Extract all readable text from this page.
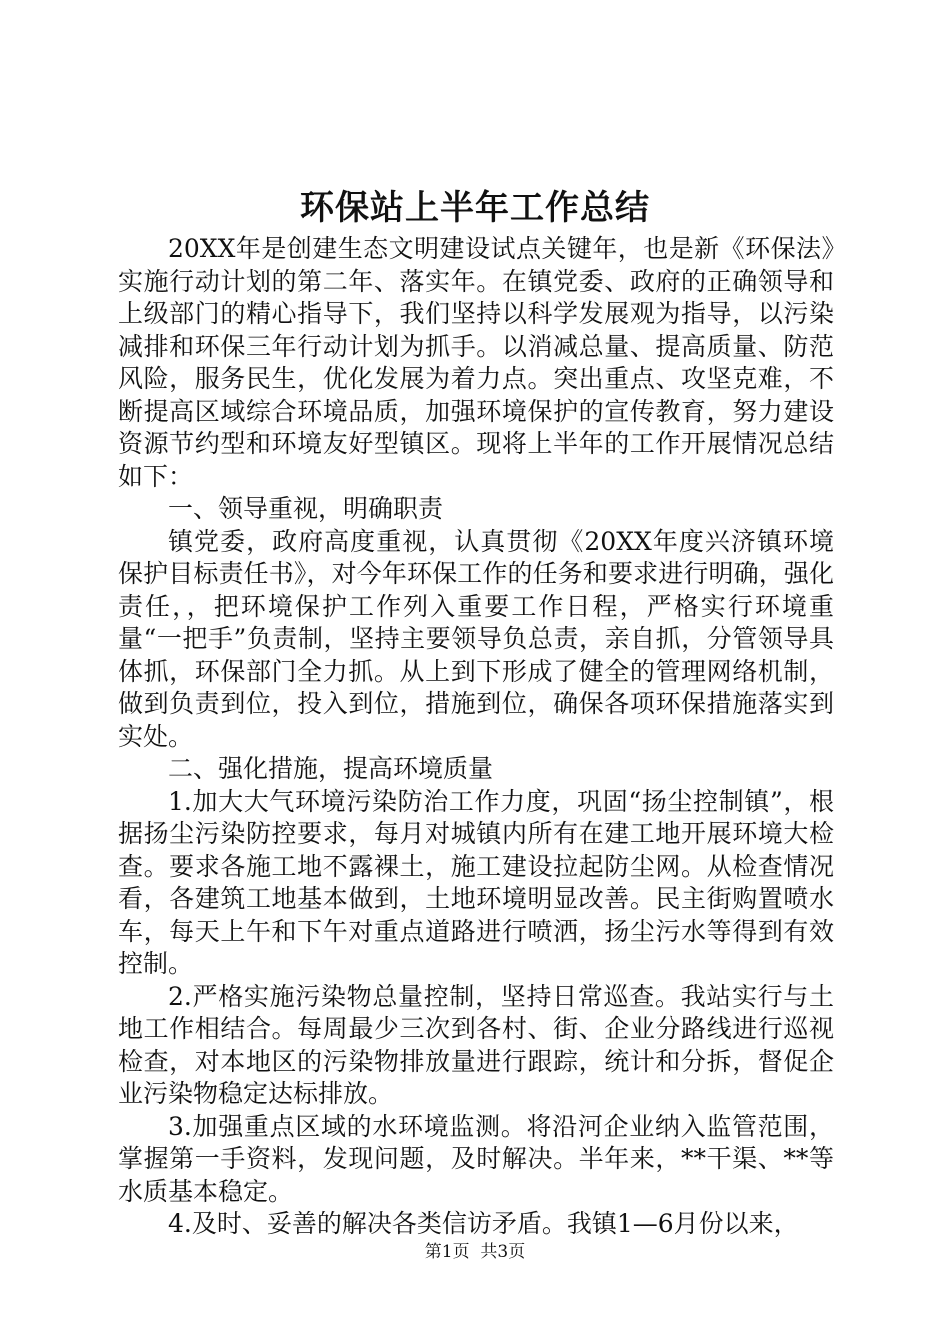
环保站上半年工作总结

20XX年是创建生态文明建设试点关键年，也是新《环保法》实施行动计划的第二年、落实年。在镇党委、政府的正确领导和上级部门的精心指导下，我们坚持以科学发展观为指导，以污染减排和环保三年行动计划为抓手。以消减总量、提高质量、防范风险，服务民生，优化发展为着力点。突出重点、攻坚克难，不断提高区域综合环境品质，加强环境保护的宣传教育，努力建设资源节约型和环境友好型镇区。现将上半年的工作开展情况总结如下：

一、领导重视，明确职责

镇党委，政府高度重视，认真贯彻《20XX年度兴济镇环境保护目标责任书》，对今年环保工作的任务和要求进行明确，强化责任，，把环境保护工作列入重要工作日程，严格实行环境重量“一把手”负责制，坚持主要领导负总责，亲自抓，分管领导具体抓，环保部门全力抓。从上到下形成了健全的管理网络机制，做到负责到位，投入到位，措施到位，确保各项环保措施落实到实处。

二、强化措施，提高环境质量

1.加大大气环境污染防治工作力度，巩固“扬尘控制镇”，根据扬尘污染防控要求，每月对城镇内所有在建工地开展环境大检查。要求各施工地不露裸土，施工建设拉起防尘网。从检查情况看，各建筑工地基本做到，土地环境明显改善。民主街购置喷水车，每天上午和下午对重点道路进行喷洒，扬尘污水等得到有效控制。

2.严格实施污染物总量控制，坚持日常巡查。我站实行与土地工作相结合。每周最少三次到各村、街、企业分路线进行巡视检查，对本地区的污染物排放量进行跟踪，统计和分拆，督促企业污染物稳定达标排放。

3.加强重点区域的水环境监测。将沿河企业纳入监管范围，掌握第一手资料，发现问题，及时解决。半年来，**干渠、**等水质基本稳定。

4.及时、妥善的解决各类信访矛盾。我镇1—6月份以来，

第1页 共3页
